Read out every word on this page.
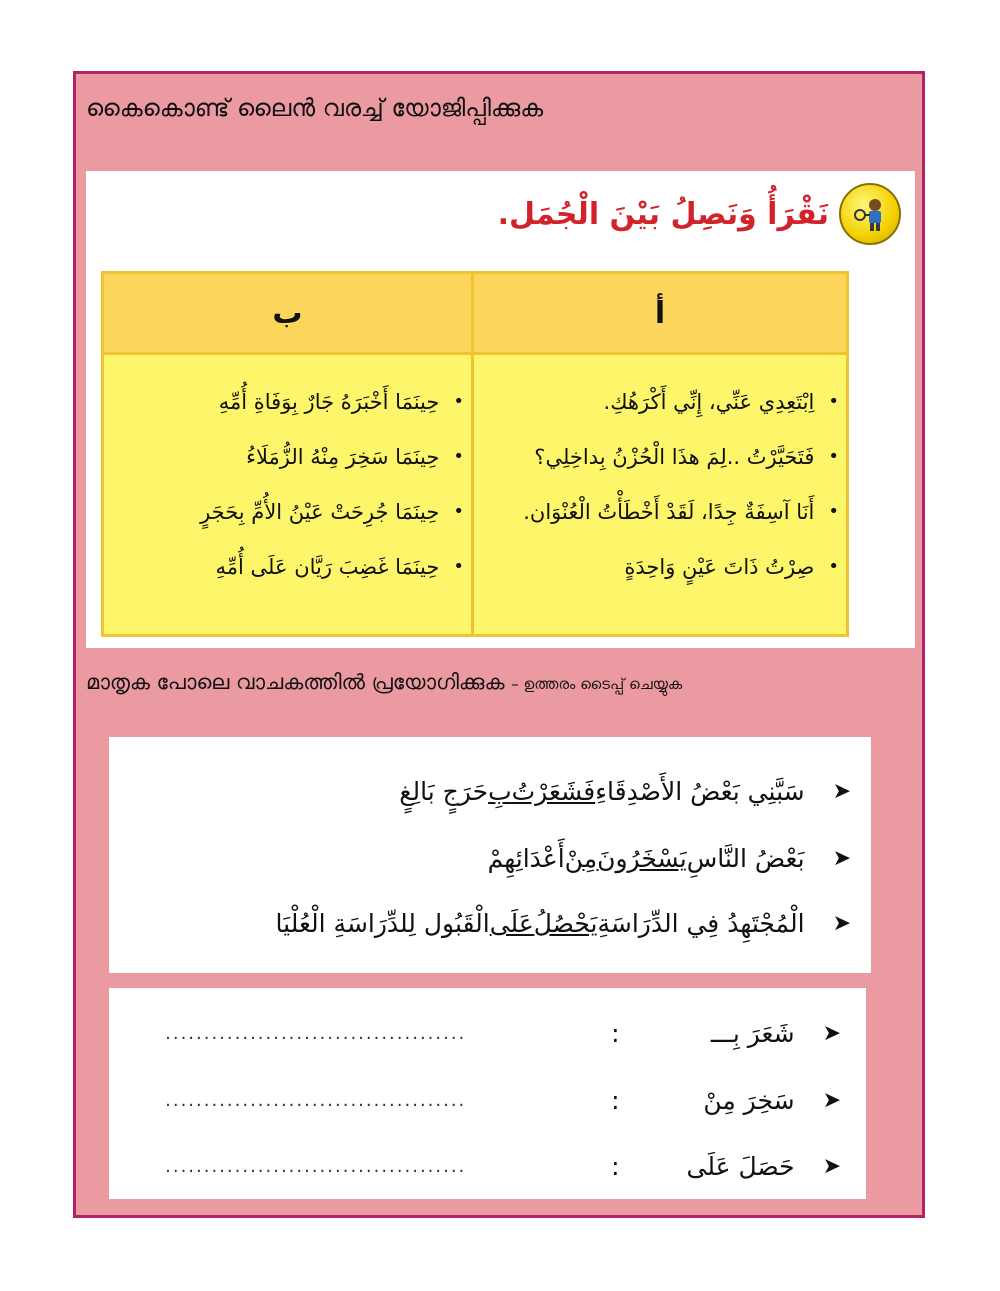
കൈകൊണ്ട് ലൈൻ വരച്ച് യോജിപ്പിക്കുക
نَقْرَأُ وَنَصِلُ بَيْنَ الْجُمَل.
ب	أ
•
حِينَمَا أَخْبَرَهُ جَارٌ بِوَفَاةِ أُمِّهِ
•
حِينَمَا سَخِرَ مِنْهُ الزُّمَلَاءُ
•
حِينَمَا جُرِحَتْ عَيْنُ الأُمِّ بِحَجَرٍ
•
حِينَمَا غَضِبَ رَيَّان عَلَى أُمِّهِ
•
اِبْتَعِدِي عَنِّي، إِنِّي أَكْرَهُكِ.
•
فَتَحَيَّرْتُ ..لِمَ هذَا الْحُزْنُ بِداخِلِي؟
•
أَنَا آسِفَةٌ جِدًا، لَقَدْ أَخْطَأْتُ الْعُنْوَان.
•
صِرْتُ ذَاتَ عَيْنٍ وَاحِدَةٍ
മാതൃക പോലെ വാചകത്തിൽ പ്രയോഗിക്കുക – ഉത്തരം ടൈപ്പ് ചെയ്യുക
➤
سَبَّنِي بَعْضُ الأَصْدِقَاءِ
فَشَعَرْتُ
بِ
حَرَجٍ بَالِغٍ
➤
بَعْضُ النَّاسِ
يَسْخَرُونَ
مِنْ
أَعْدَائِهِمْ
➤
الْمُجْتَهِدُ فِي الدِّرَاسَةِ
يَحْصُلُ
عَلَى
الْقَبُول لِلدِّرَاسَةِ الْعُلْيَا
➤
شَعَرَ بِـــ
:
.......................................
➤
سَخِرَ مِنْ
:
.......................................
➤
حَصَلَ عَلَى
:
.......................................
